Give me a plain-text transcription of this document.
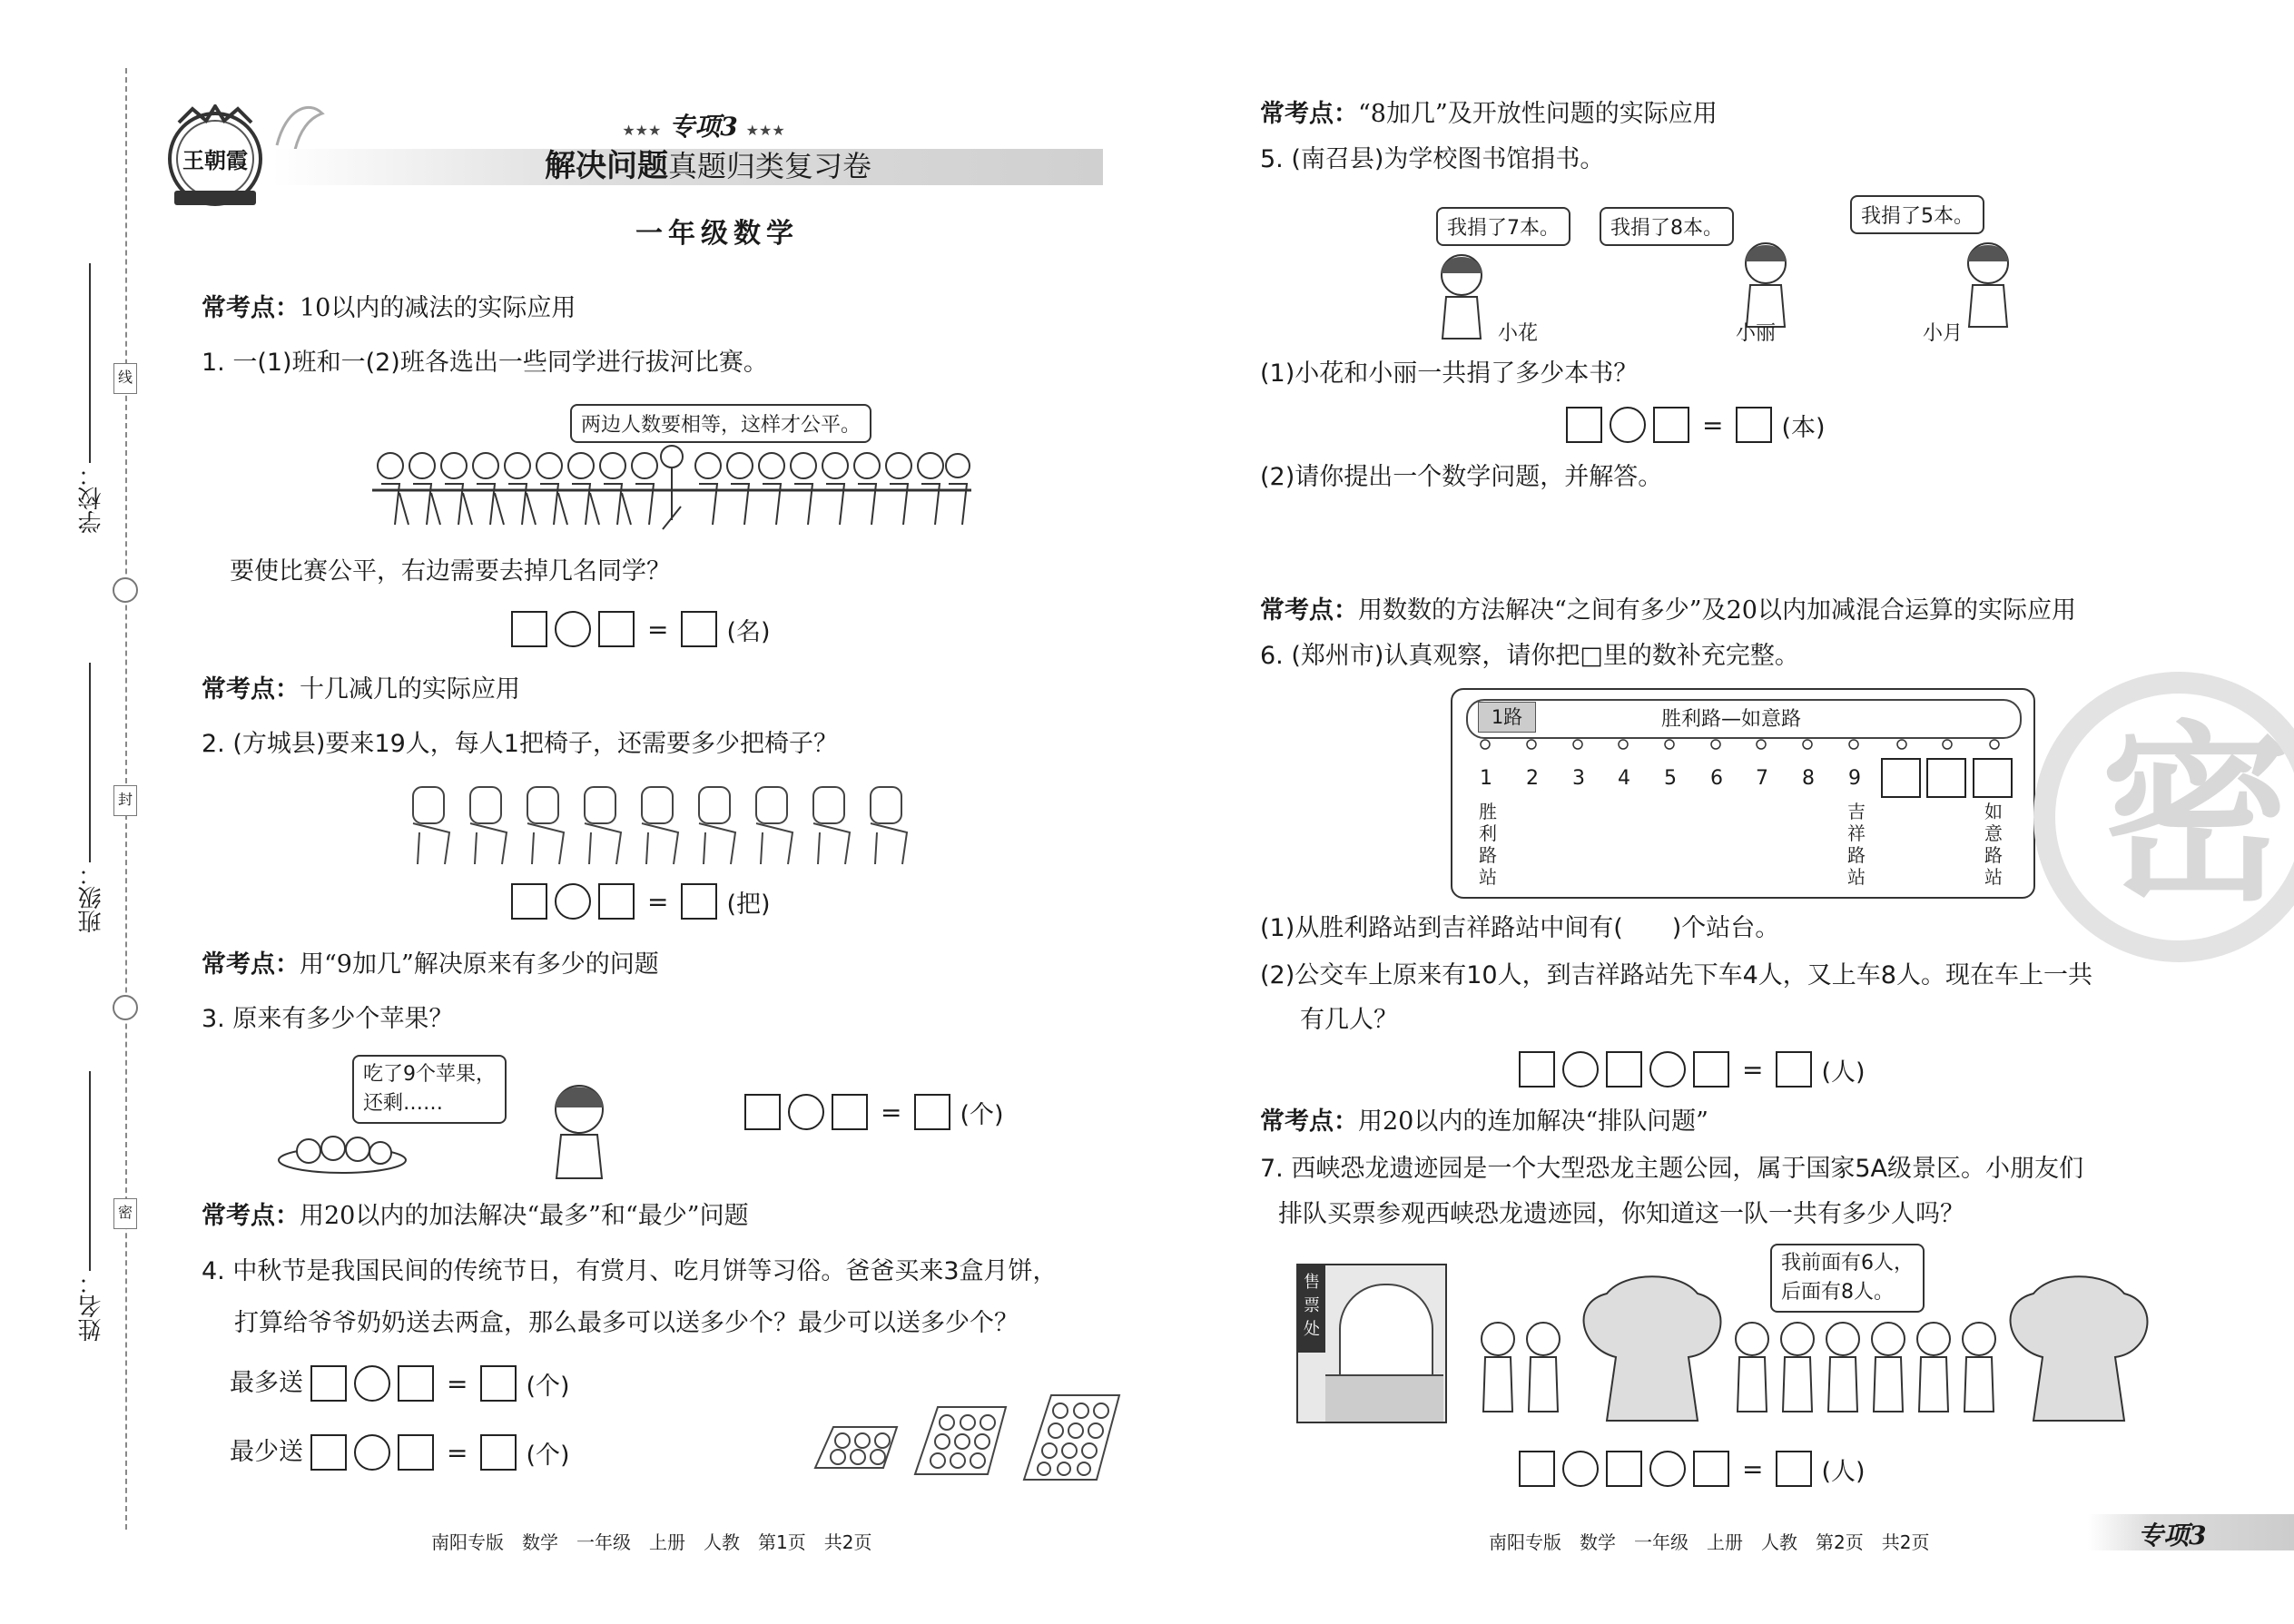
线
封
密
学校：
班级：
姓名：
王朝霞
★★★ 专项3 ★★★
解决问题真题归类复习卷
一年级数学
常考点：10以内的减法的实际应用
1. 一(1)班和一(2)班各选出一些同学进行拔河比赛。
两边人数要相等，这样才公平。
要使比赛公平，右边需要去掉几名同学？
= (名)
常考点：十几减几的实际应用
2. (方城县)要来19人，每人1把椅子，还需要多少把椅子？
= (把)
常考点：用“9加几”解决原来有多少的问题
3. 原来有多少个苹果？
吃了9个苹果，
还剩……	= (个)
常考点：用20以内的加法解决“最多”和“最少”问题
4. 中秋节是我国民间的传统节日，有赏月、吃月饼等习俗。爸爸买来3盒月饼，
打算给爷爷奶奶送去两盒，那么最多可以送多少个？最少可以送多少个？
最多送	= (个)
最少送	= (个)
南阳专版　数学　一年级　上册　人教　第1页　共2页
常考点：“8加几”及开放性问题的实际应用
5. (南召县)为学校图书馆捐书。
我捐了7本。	我捐了8本。
我捐了5本。
小花	小丽	小月
(1)小花和小丽一共捐了多少本书？
= (本)
(2)请你提出一个数学问题，并解答。
常考点：用数数的方法解决“之间有多少”及20以内加减混合运算的实际应用
6. (郑州市)认真观察，请你把□里的数补充完整。
1路	胜利路—如意路
1 2 3 4 5 6 7 8 9
胜
利
路
站
吉
祥
路
站
如
意
路
站
(1)从胜利路站到吉祥路站中间有(　　)个站台。
(2)公交车上原来有10人，到吉祥路站先下车4人，又上车8人。现在车上一共
有几人？
= (人)
常考点：用20以内的连加解决“排队问题”
7. 西峡恐龙遗迹园是一个大型恐龙主题公园，属于国家5A级景区。小朋友们
排队买票参观西峡恐龙遗迹园，你知道这一队一共有多少人吗？
我前面有6人，
后面有8人。
售
票
处
= (人)
南阳专版　数学　一年级　上册　人教　第2页　共2页	专项3
密
